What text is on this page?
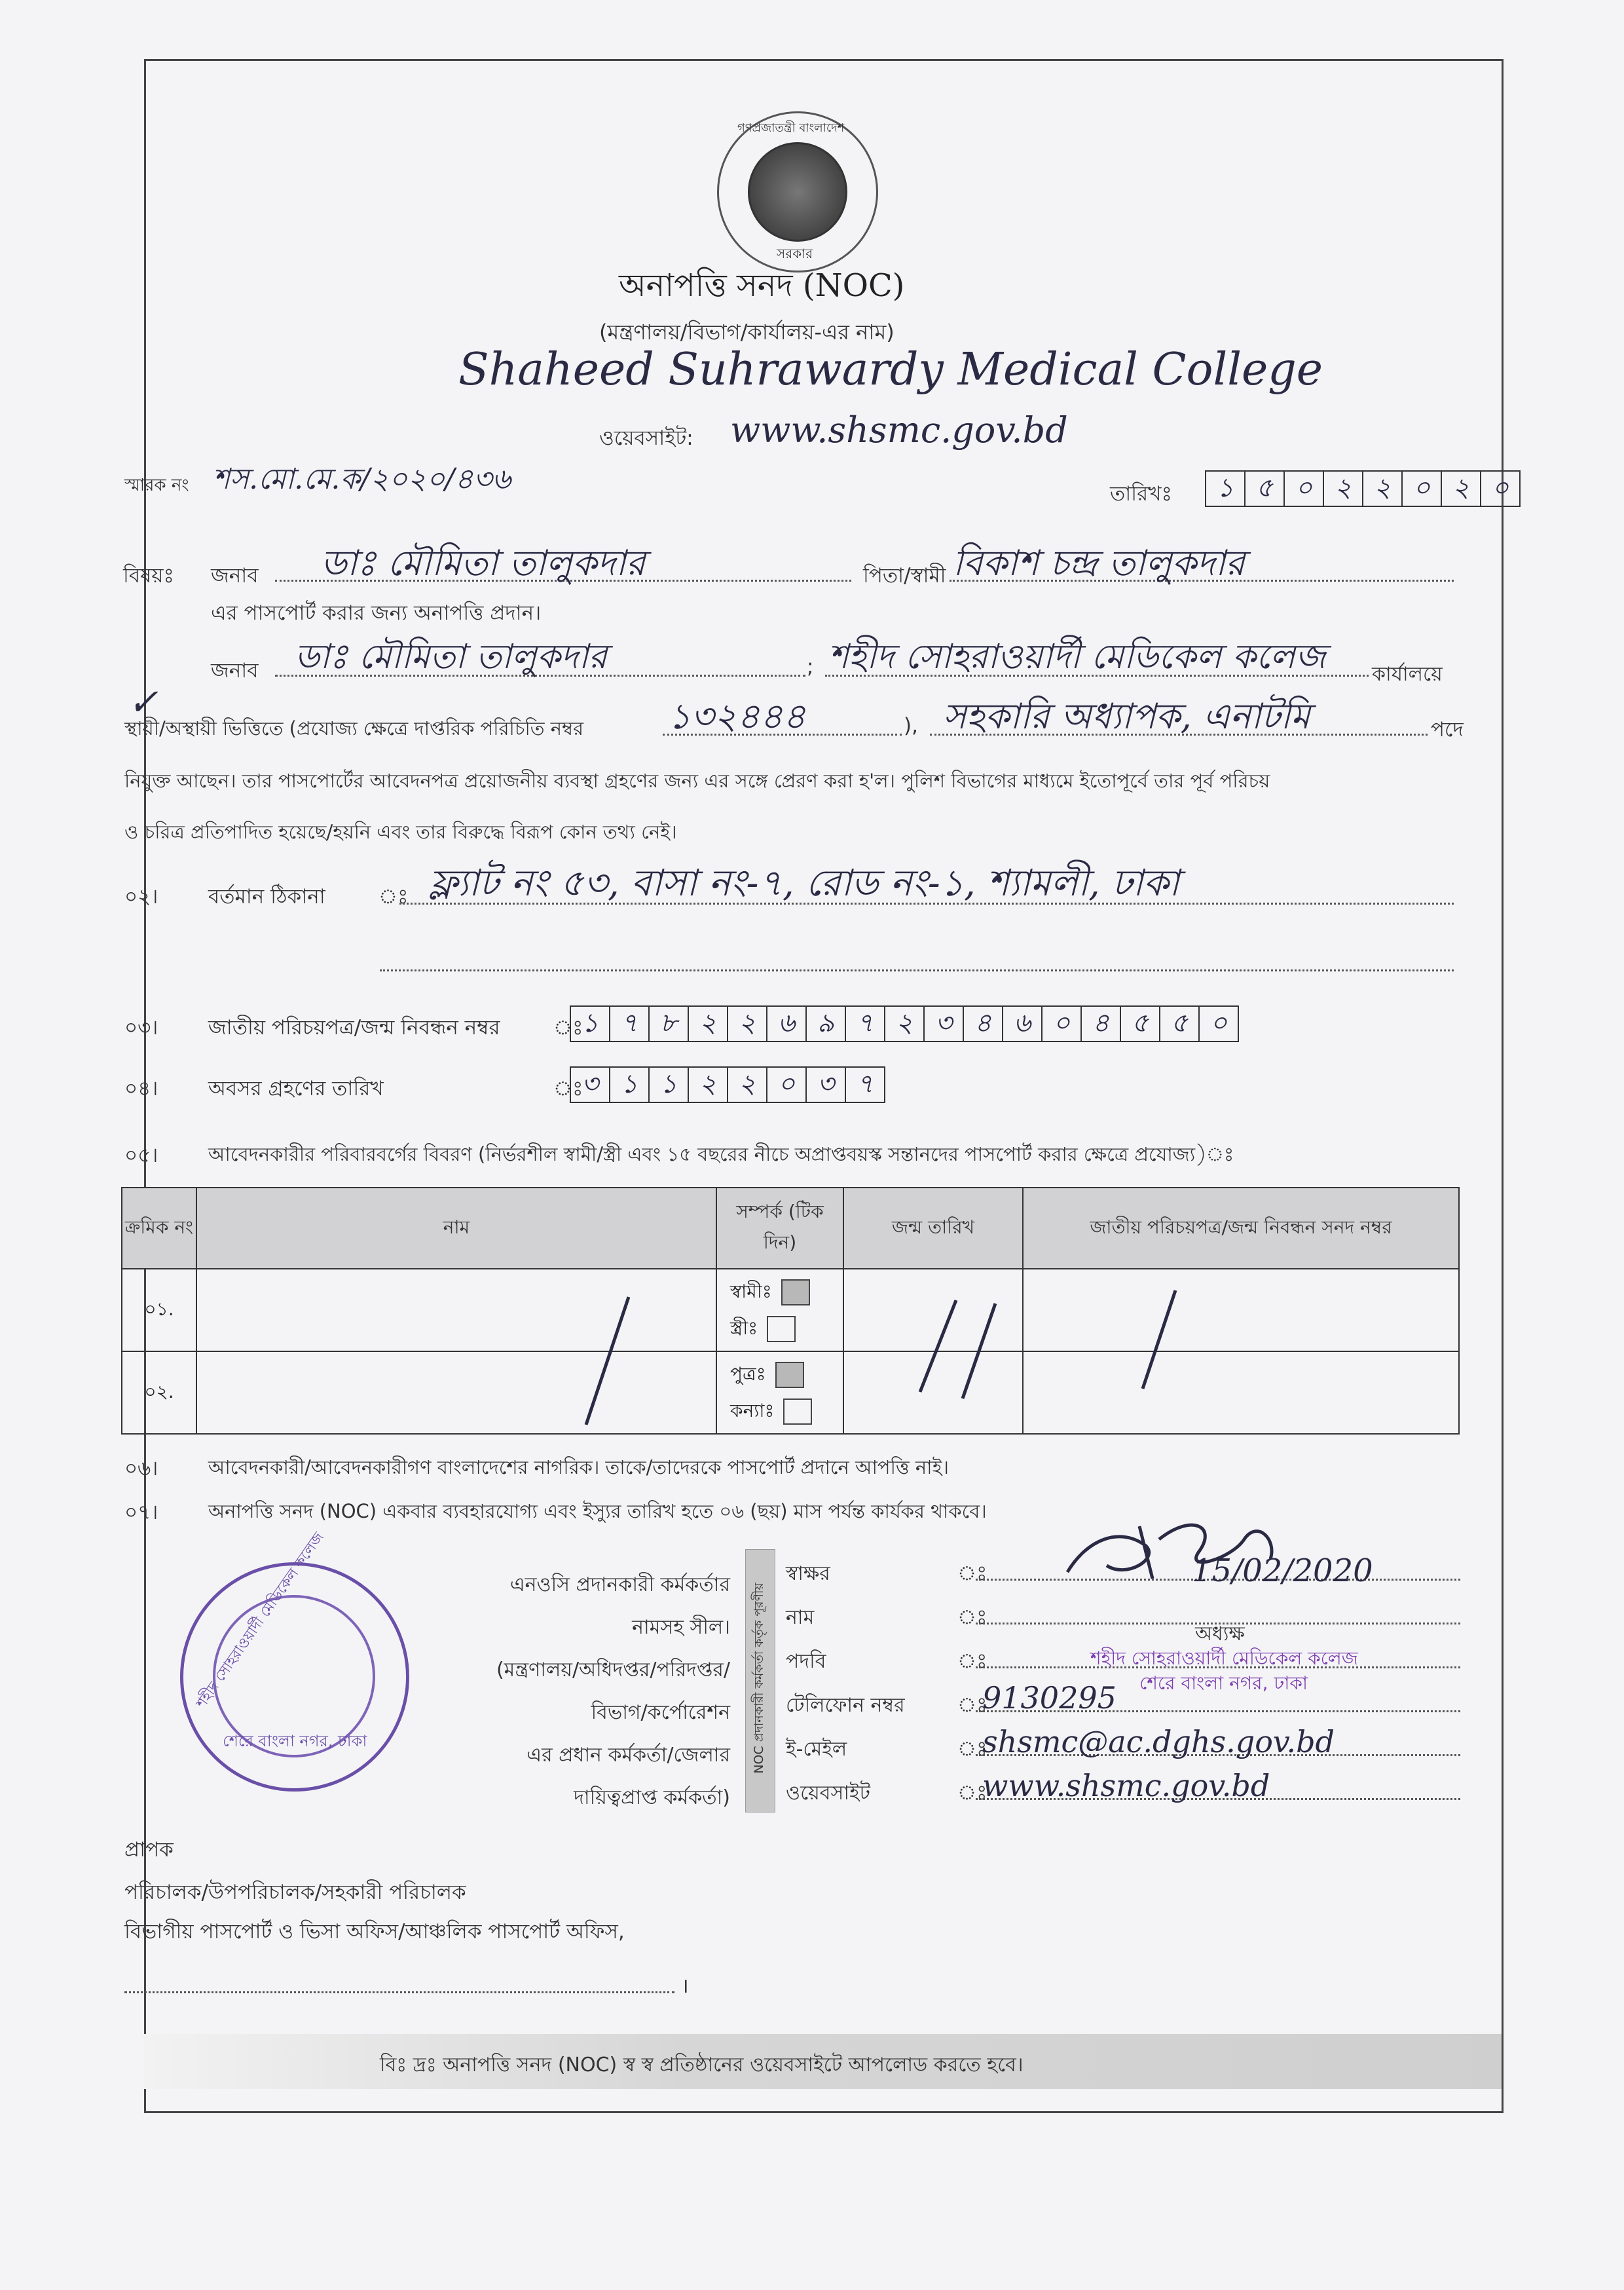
গণপ্রজাতন্ত্রী বাংলাদেশ
সরকার
অনাপত্তি সনদ (NOC)
(মন্ত্রণালয়/বিভাগ/কার্যালয়-এর নাম)
Shaheed Suhrawardy Medical College
ওয়েবসাইট: www.shsmc.gov.bd
স্মারক নং শস.মো.মে.ক/২০২০/৪৩৬	তারিখঃ	১ ৫ ০ ২ ২ ০ ২ ০
বিষয়ঃ জনাব ডাঃ মৌমিতা তালুকদার	পিতা/স্বামী বিকাশ চন্দ্র তালুকদার
এর পাসপোর্ট করার জন্য অনাপত্তি প্রদান।
জনাব ডাঃ মৌমিতা তালুকদার	; শহীদ সোহরাওয়ার্দী মেডিকেল কলেজ কার্যালয়ে
✓
স্থায়ী/অস্থায়ী ভিত্তিতে (প্রযোজ্য ক্ষেত্রে দাপ্তরিক পরিচিতি নম্বর ১৩২৪৪৪	), সহকারি অধ্যাপক, এনাটমি	পদে
নিযুক্ত আছেন। তার পাসপোর্টের আবেদনপত্র প্রয়োজনীয় ব্যবস্থা গ্রহণের জন্য এর সঙ্গে প্রেরণ করা হ'ল। পুলিশ বিভাগের মাধ্যমে ইতোপূর্বে তার পূর্ব পরিচয়
ও চরিত্র প্রতিপাদিত হয়েছে/হয়নি এবং তার বিরুদ্ধে বিরূপ কোন তথ্য নেই।
০২। বর্তমান ঠিকানা	ঃ ফ্ল্যাট নং ৫৩, বাসা নং-৭, রোড নং-১, শ্যামলী, ঢাকা
০৩। জাতীয় পরিচয়পত্র/জন্ম নিবন্ধন নম্বর	ঃ
১ ৭ ৮ ২ ২ ৬ ৯ ৭ ২ ৩ ৪ ৬ ০ ৪ ৫ ৫ ০
০৪। অবসর গ্রহণের তারিখ	ঃ
৩ ১ ১ ২ ২ ০ ৩ ৭
০৫।	আবেদনকারীর পরিবারবর্গের বিবরণ (নির্ভরশীল স্বামী/স্ত্রী এবং ১৫ বছরের নীচে অপ্রাপ্তবয়স্ক সন্তানদের পাসপোর্ট করার ক্ষেত্রে প্রযোজ্য)ঃ
ক্রমিক নং	নাম	সম্পর্ক (টিক দিন)	জন্ম তারিখ	জাতীয় পরিচয়পত্র/জন্ম নিবন্ধন সনদ নম্বর
০১.		স্বামীঃ
স্ত্রীঃ		
০২.		পুত্রঃ
কন্যাঃ		
০৬।	আবেদনকারী/আবেদনকারীগণ বাংলাদেশের নাগরিক। তাকে/তাদেরকে পাসপোর্ট প্রদানে আপত্তি নাই।
০৭।	অনাপত্তি সনদ (NOC) একবার ব্যবহারযোগ্য এবং ইস্যুর তারিখ হতে ০৬ (ছয়) মাস পর্যন্ত কার্যকর থাকবে।
শহীদ সোহরাওয়ার্দী মেডিকেল কলেজ
শেরে বাংলা নগর, ঢাকা
এনওসি প্রদানকারী কর্মকর্তার
নামসহ সীল।
(মন্ত্রণালয়/অধিদপ্তর/পরিদপ্তর/
বিভাগ/কর্পোরেশন
এর প্রধান কর্মকর্তা/জেলার
দায়িত্বপ্রাপ্ত কর্মকর্তা)
NOC প্রদানকারী কর্মকর্তা কর্তৃক পূরণীয়
স্বাক্ষর	ঃ
নাম	ঃ
পদবি	ঃ
টেলিফোন নম্বর	ঃ
9130295
ই-মেইল	ঃ
shsmc@ac.dghs.gov.bd
ওয়েবসাইট	ঃ
www.shsmc.gov.bd
15/02/2020
অধ্যক্ষ
শহীদ সোহরাওয়ার্দী মেডিকেল কলেজ
শেরে বাংলা নগর, ঢাকা
প্রাপক
পরিচালক/উপপরিচালক/সহকারী পরিচালক
বিভাগীয় পাসপোর্ট ও ভিসা অফিস/আঞ্চলিক পাসপোর্ট অফিস,
।
বিঃ দ্রঃ অনাপত্তি সনদ (NOC) স্ব স্ব প্রতিষ্ঠানের ওয়েবসাইটে আপলোড করতে হবে।
